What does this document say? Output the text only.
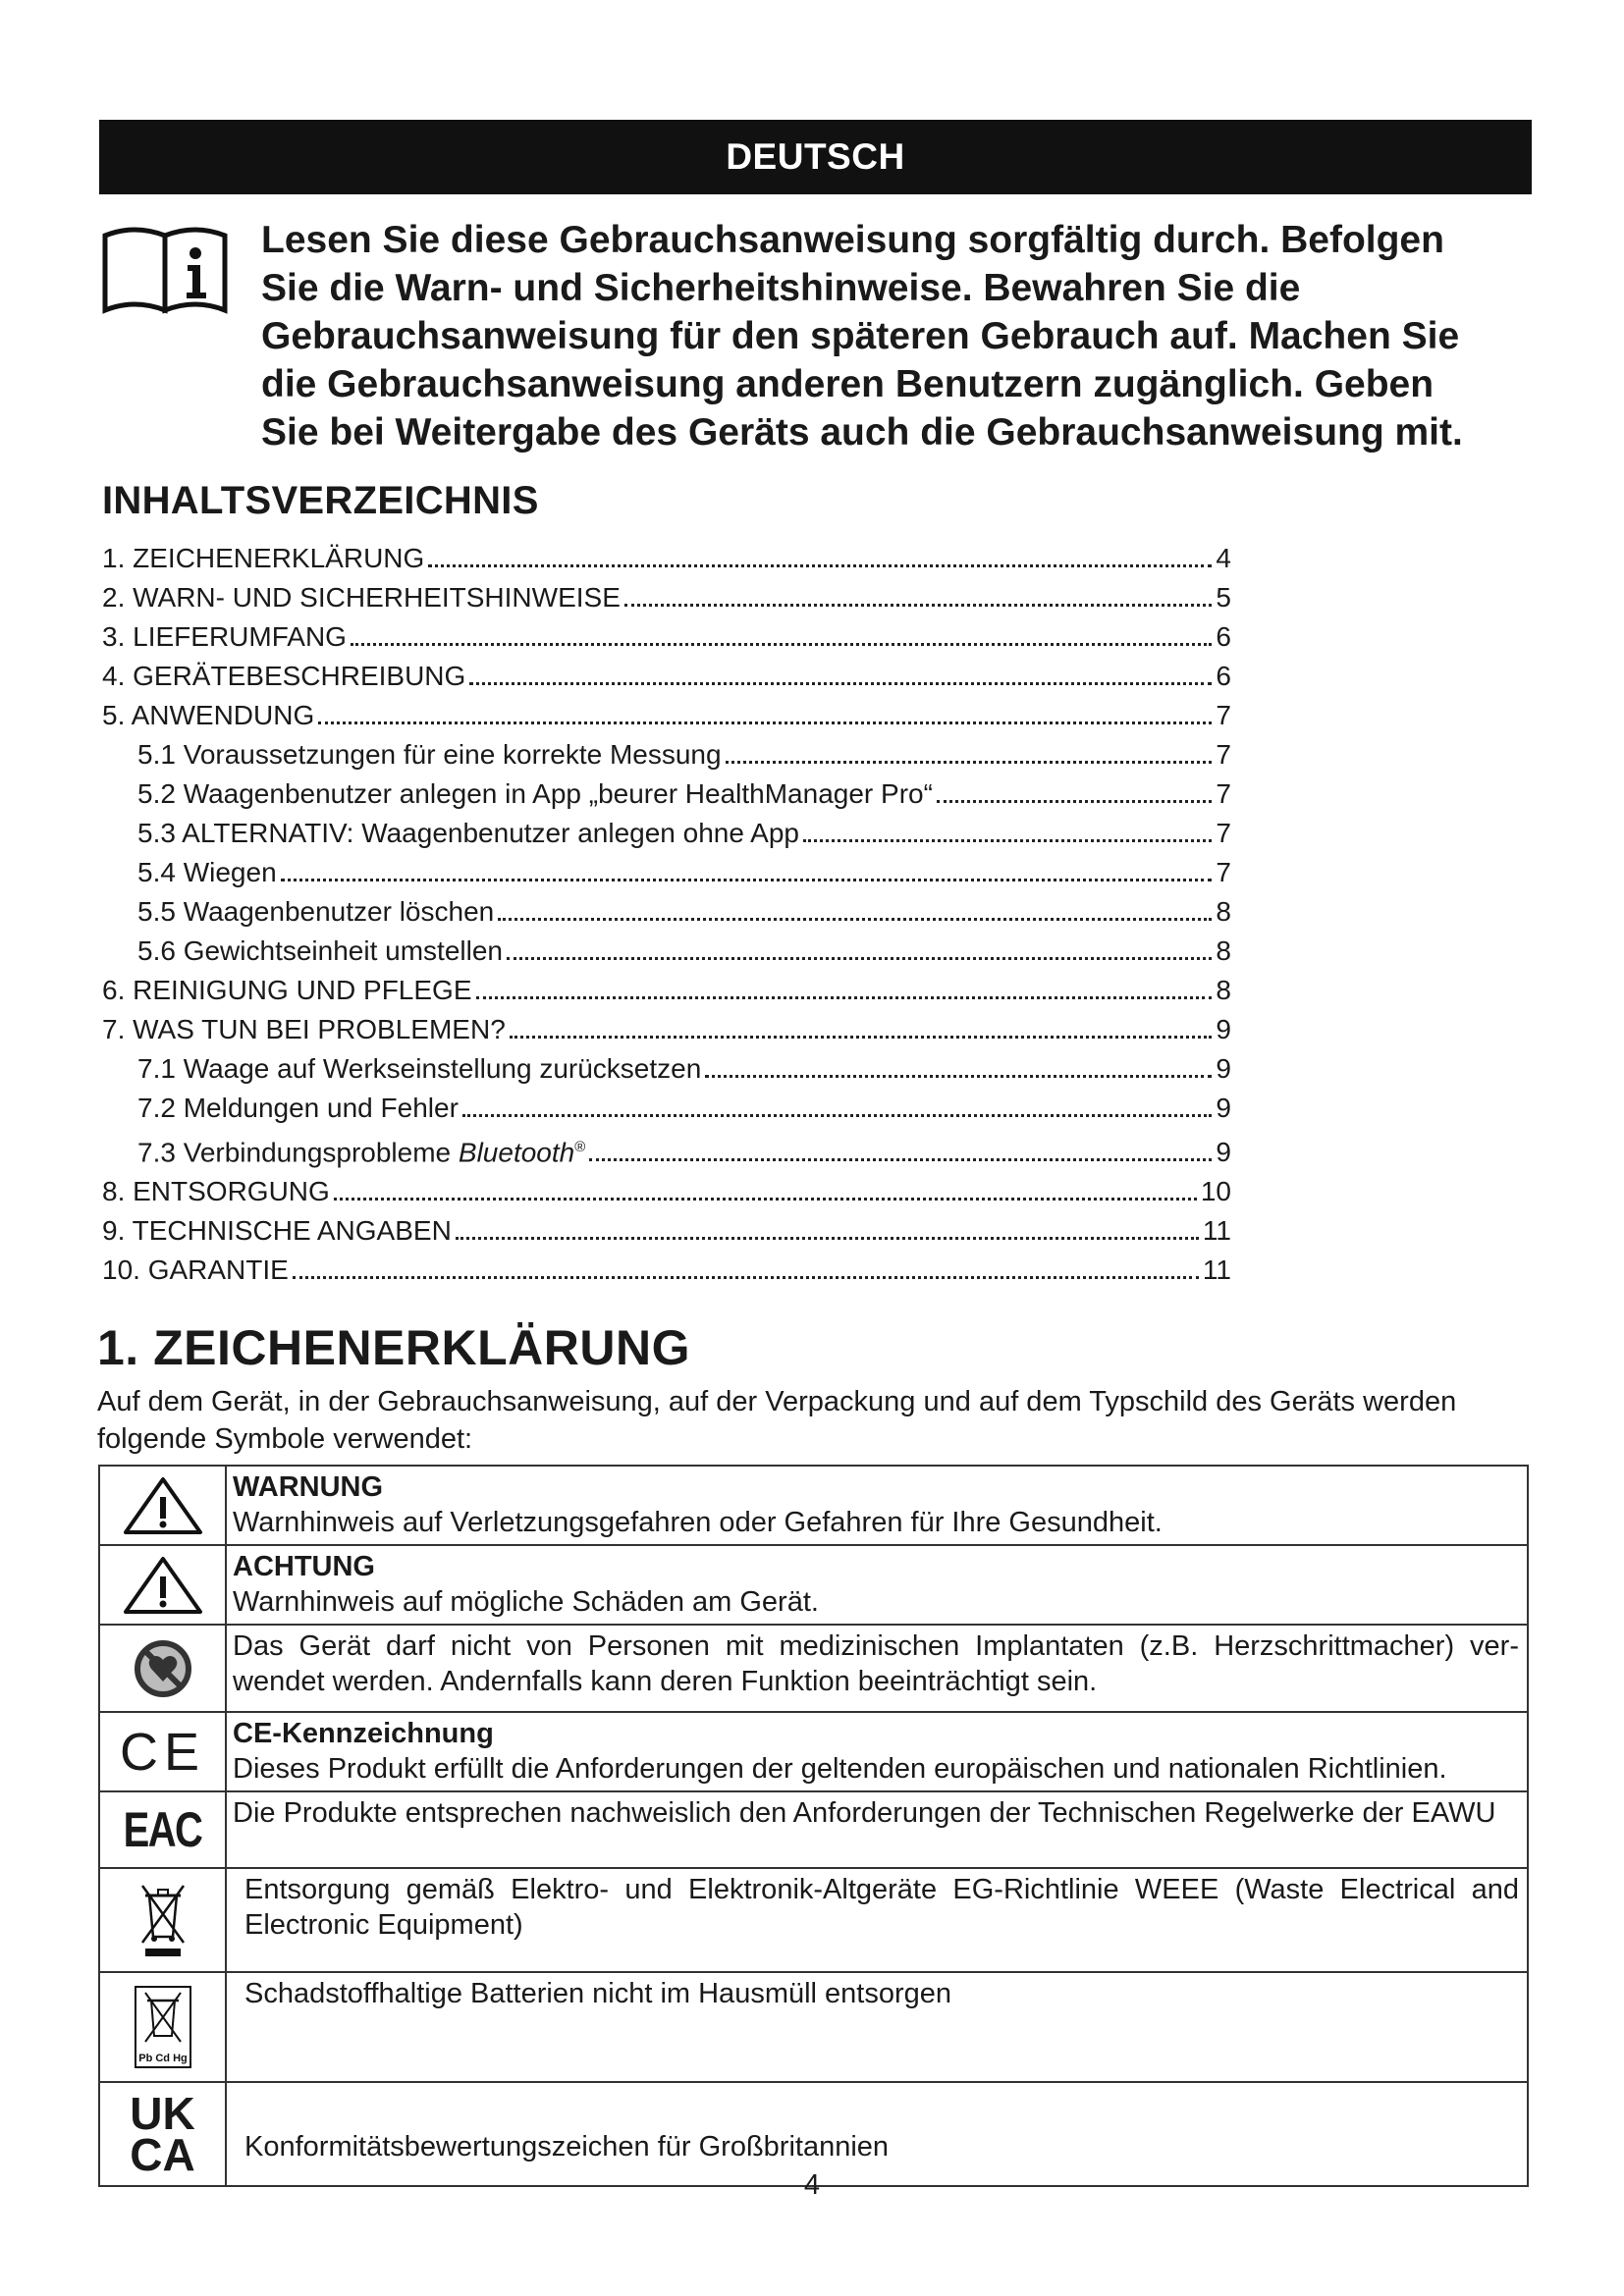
DEUTSCH

Lesen Sie diese Gebrauchsanweisung sorgfältig durch. Befolgen
Sie die Warn- und Sicherheitshinweise. Bewahren Sie die
Gebrauchsanweisung für den späteren Gebrauch auf. Machen Sie
die Gebrauchsanweisung anderen Benutzern zugänglich. Geben
Sie bei Weitergabe des Geräts auch die Gebrauchsanweisung mit.

INHALTSVERZEICHNIS
1. ZEICHENERKLÄRUNG	4
2. WARN- UND SICHERHEITSHINWEISE	5
3. LIEFERUMFANG	6
4. GERÄTEBESCHREIBUNG	6
5. ANWENDUNG	7
5.1 Voraussetzungen für eine korrekte Messung	7
5.2 Waagenbenutzer anlegen in App „beurer HealthManager Pro“	7
5.3 ALTERNATIV: Waagenbenutzer anlegen ohne App	7
5.4 Wiegen	7
5.5 Waagenbenutzer löschen	8
5.6 Gewichtseinheit umstellen	8
6. REINIGUNG UND PFLEGE	8
7. WAS TUN BEI PROBLEMEN?	9
7.1 Waage auf Werkseinstellung zurücksetzen	9
7.2 Meldungen und Fehler	9
7.3 Verbindungsprobleme Bluetooth®	9
8. ENTSORGUNG	10
9. TECHNISCHE ANGABEN	11
10. GARANTIE	11
1. ZEICHENERKLÄRUNG

Auf dem Gerät, in der Gebrauchsanweisung, auf der Verpackung und auf dem Typschild des Geräts werden folgende Symbole verwendet:

WARNUNG
Warnhinweis auf Verletzungsgefahren oder Gefahren für Ihre Gesundheit.

ACHTUNG
Warnhinweis auf mögliche Schäden am Gerät.

	Das Gerät darf nicht von Personen mit medizinischen Implantaten (z.B. Herzschrittmacher) ver-wendet werden. Andernfalls kann deren Funktion beeinträchtigt sein.

CE	CE-Kennzeichnung
Dieses Produkt erfüllt die Anforderungen der geltenden europäischen und nationalen Richtlinien.

EAC	Die Produkte entsprechen nachweislich den Anforderungen der Technischen Regelwerke der EAWU

	Entsorgung gemäß Elektro- und Elektronik-Altgeräte EG-Richtlinie WEEE (Waste Electrical and Electronic Equipment)

Pb Cd Hg	Schadstoffhaltige Batterien nicht im Hausmüll entsorgen

UK
CA	Konformitätsbewertungszeichen für Großbritannien
4
